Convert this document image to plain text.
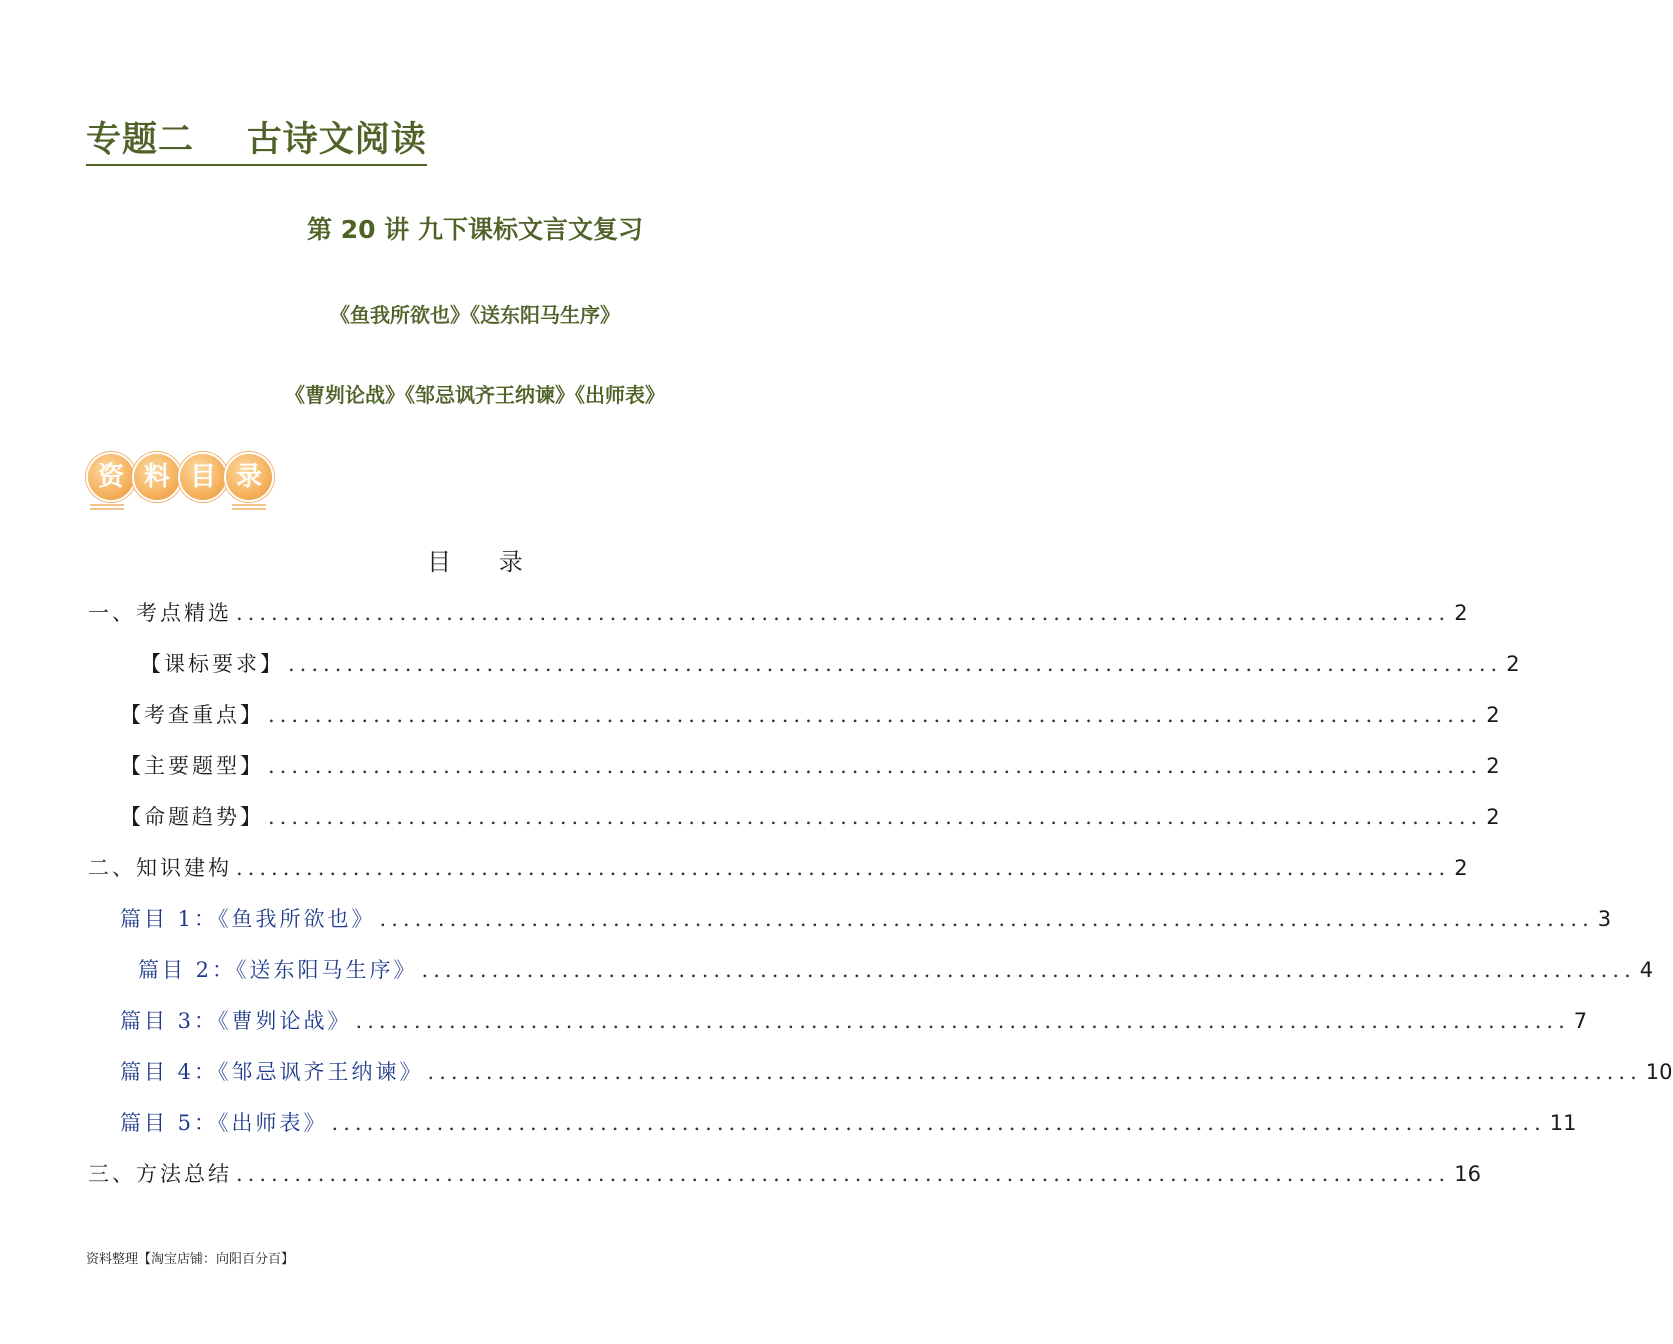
专题二    古诗文阅读
第 20 讲 九下课标文言文复习
《鱼我所欲也》《送东阳马生序》
《曹刿论战》《邹忌讽齐王纳谏》《出师表》
资 料 目 录
目 录
一、考点精选 ........................................................................................................ 2
【课标要求】 ........................................................................................................ 2
【考查重点】 ........................................................................................................ 2
【主要题型】 ........................................................................................................ 2
【命题趋势】 ........................................................................................................ 2
二、知识建构 ........................................................................................................ 2
篇目 1：《鱼我所欲也》 ........................................................................................................ 3
篇目 2：《送东阳马生序》 ........................................................................................................ 4
篇目 3：《曹刿论战》 ........................................................................................................ 7
篇目 4：《邹忌讽齐王纳谏》 ........................................................................................................ 10
篇目 5：《出师表》 ........................................................................................................ 11
三、方法总结 ........................................................................................................ 16
资料整理【淘宝店铺：向阳百分百】
